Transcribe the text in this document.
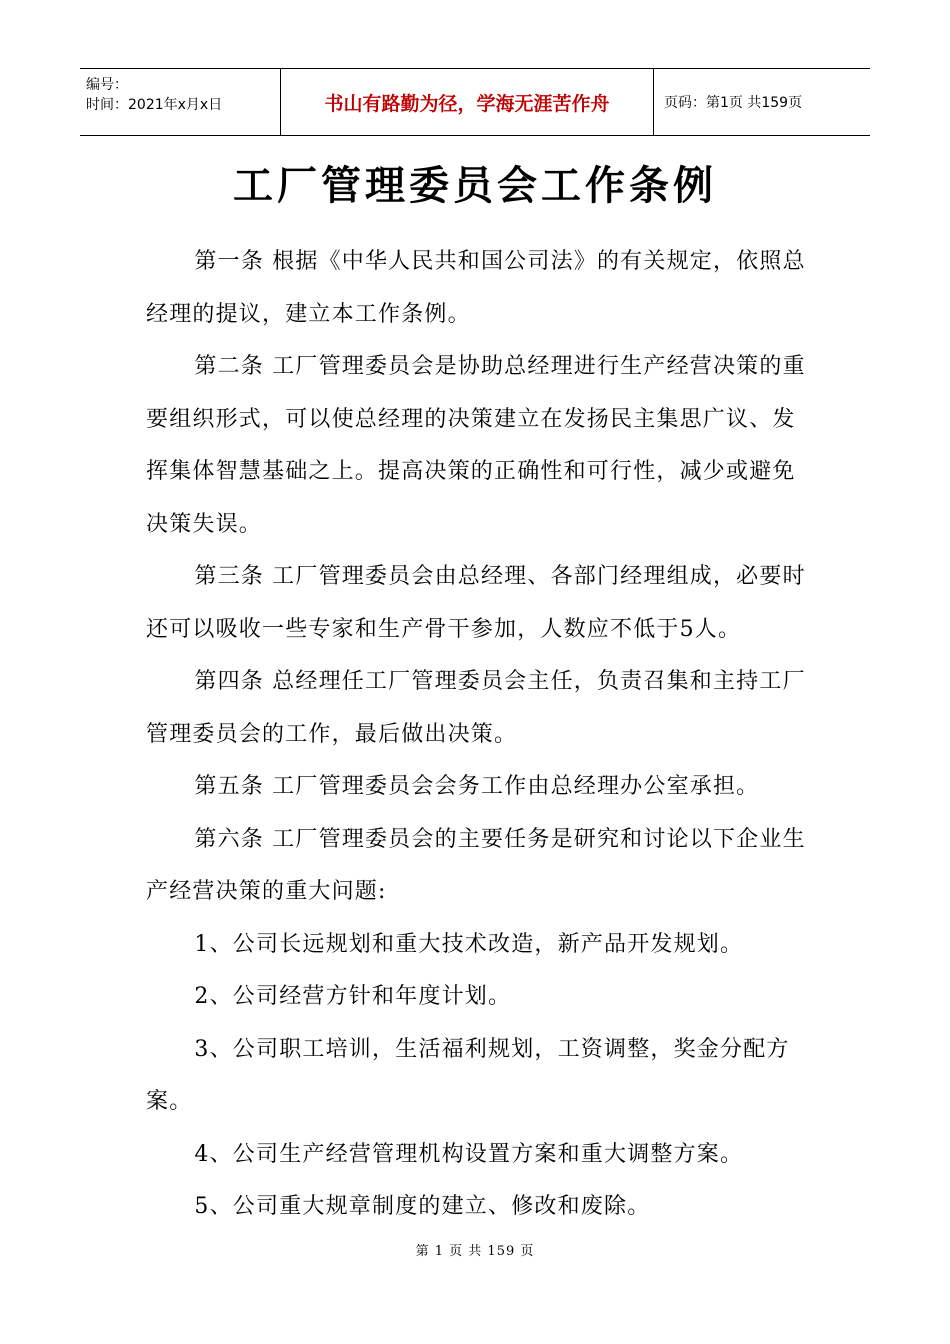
编号：
时间：2021年x月x日	书山有路勤为径，学海无涯苦作舟	页码：第1页 共159页
工厂管理委员会工作条例

第一条 根据《中华人民共和国公司法》的有关规定，依照总经理的提议，建立本工作条例。

第二条 工厂管理委员会是协助总经理进行生产经营决策的重要组织形式，可以使总经理的决策建立在发扬民主集思广议、发挥集体智慧基础之上。提高决策的正确性和可行性，减少或避免决策失误。

第三条 工厂管理委员会由总经理、各部门经理组成，必要时还可以吸收一些专家和生产骨干参加，人数应不低于5人。

第四条 总经理任工厂管理委员会主任，负责召集和主持工厂管理委员会的工作，最后做出决策。

第五条 工厂管理委员会会务工作由总经理办公室承担。

第六条 工厂管理委员会的主要任务是研究和讨论以下企业生产经营决策的重大问题:

1、公司长远规划和重大技术改造，新产品开发规划。

2、公司经营方针和年度计划。

3、公司职工培训，生活福利规划，工资调整，奖金分配方案。

4、公司生产经营管理机构设置方案和重大调整方案。

5、公司重大规章制度的建立、修改和废除。

第 1 页 共 159 页
